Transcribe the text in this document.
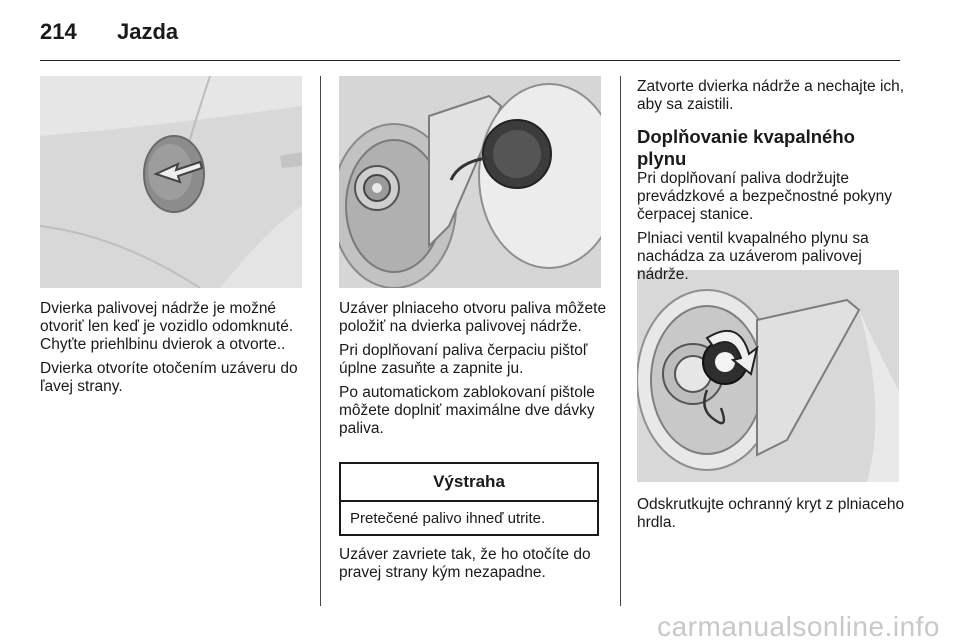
214 Jazda

Dvierka palivovej nádrže je možné otvoriť len keď je vozidlo odomknuté. Chyťte priehlbinu dvierok a otvorte..

Dvierka otvoríte otočením uzáveru do ľavej strany.

Uzáver plniaceho otvoru paliva môžete položiť na dvierka palivovej nádrže.

Pri doplňovaní paliva čerpaciu pištoľ úplne zasuňte a zapnite ju.

Po automatickom zablokovaní pištole môžete doplniť maximálne dve dávky paliva.

Výstraha
Pretečené palivo ihneď utrite.

Uzáver zavriete tak, že ho otočíte do pravej strany kým nezapadne.

Zatvorte dvierka nádrže a nechajte ich, aby sa zaistili.

Doplňovanie kvapalného plynu

Pri doplňovaní paliva dodržujte prevádzkové a bezpečnostné pokyny čerpacej stanice.

Plniaci ventil kvapalného plynu sa nachádza za uzáverom palivovej nádrže.

Odskrutkujte ochranný kryt z plniaceho hrdla.

carmanualsonline.info
